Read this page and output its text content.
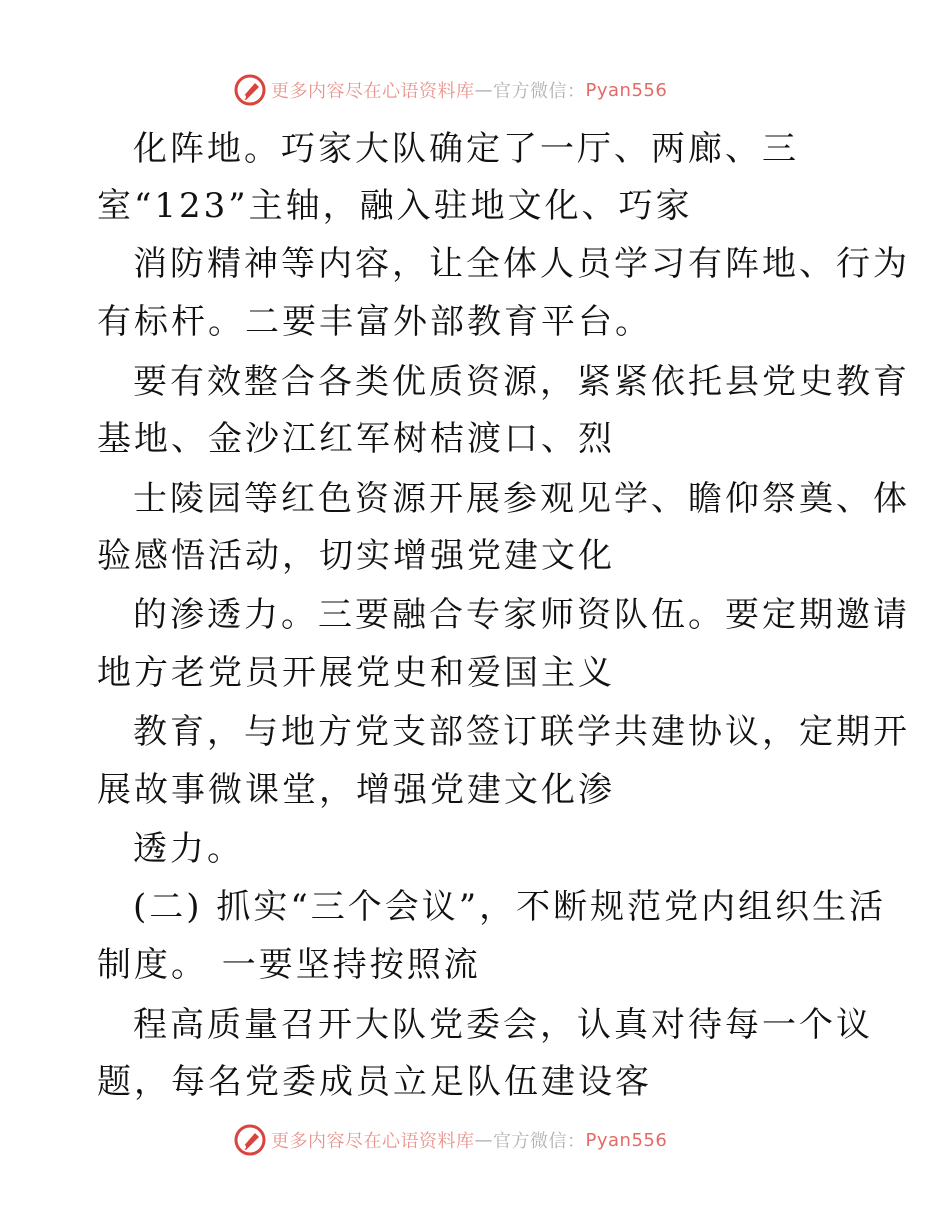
更多内容尽在心语资料库 — 官方微信： Pyan556
化阵地。巧家大队确定了一厅、两廊、三
室“123”主轴，融入驻地文化、巧家
消防精神等内容，让全体人员学习有阵地、行为
有标杆。二要丰富外部教育平台。
要有效整合各类优质资源，紧紧依托县党史教育
基地、金沙江红军树桔渡口、烈
士陵园等红色资源开展参观见学、瞻仰祭奠、体
验感悟活动，切实增强党建文化
的渗透力。三要融合专家师资队伍。要定期邀请
地方老党员开展党史和爱国主义
教育，与地方党支部签订联学共建协议，定期开
展故事微课堂，增强党建文化渗
透力。
(二) 抓实“三个会议”，不断规范党内组织生活
制度。 一要坚持按照流
程高质量召开大队党委会，认真对待每一个议
题，每名党委成员立足队伍建设客
更多内容尽在心语资料库 — 官方微信： Pyan556
